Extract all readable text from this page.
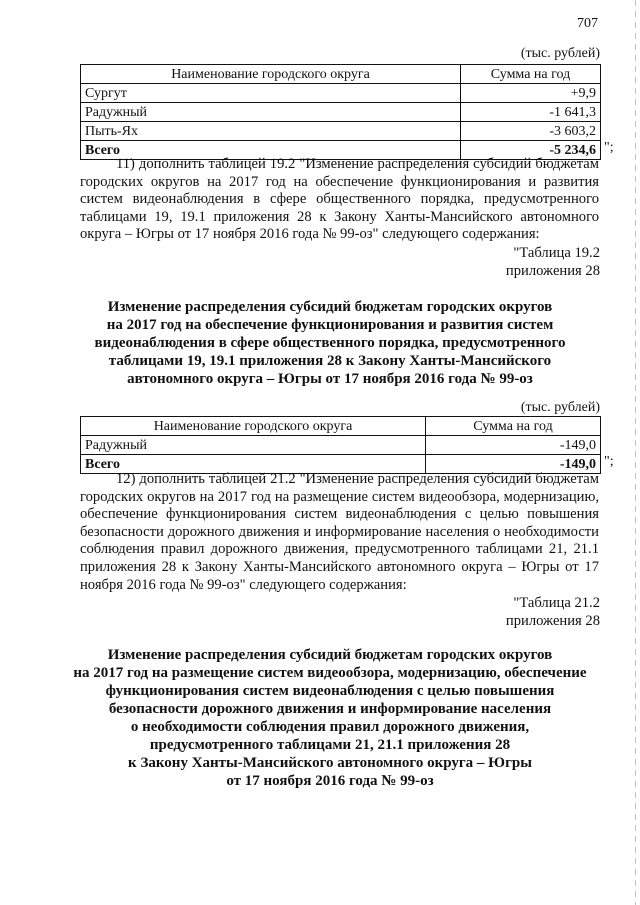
707
(тыс. рублей)
Наименование городского округа	Сумма на год
Сургут	+9,9
Радужный	-1 641,3
Пыть-Ях	-3 603,2
Всего	-5 234,6 ";

11) дополнить таблицей 19.2 "Изменение распределения субсидий бюджетам городских округов на 2017 год на обеспечение функционирования и развития систем видеонаблюдения в сфере общественного порядка, предусмотренного таблицами 19, 19.1 приложения 28 к Закону Ханты-Мансийского автономного округа – Югры от 17 ноября 2016 года № 99-оз" следующего содержания:

"Таблица 19.2
приложения 28
Изменение распределения субсидий бюджетам городских округов
на 2017 год на обеспечение функционирования и развития систем
видеонаблюдения в сфере общественного порядка, предусмотренного
таблицами 19, 19.1 приложения 28 к Закону Ханты-Мансийского
автономного округа – Югры от 17 ноября 2016 года № 99-оз
(тыс. рублей)
Наименование городского округа	Сумма на год
Радужный	-149,0
Всего	-149,0 ";

12) дополнить таблицей 21.2 "Изменение распределения субсидий бюджетам городских округов на 2017 год на размещение систем видеообзора, модернизацию, обеспечение функционирования систем видеонаблюдения с целью повышения безопасности дорожного движения и информирование населения о необходимости соблюдения правил дорожного движения, предусмотренного таблицами 21, 21.1 приложения 28 к Закону Ханты-Мансийского автономного округа – Югры от 17 ноября 2016 года № 99-оз" следующего содержания:

"Таблица 21.2
приложения 28
Изменение распределения субсидий бюджетам городских округов
на 2017 год на размещение систем видеообзора, модернизацию, обеспечение
функционирования систем видеонаблюдения с целью повышения
безопасности дорожного движения и информирование населения
о необходимости соблюдения правил дорожного движения,
предусмотренного таблицами 21, 21.1 приложения 28
к Закону Ханты-Мансийского автономного округа – Югры
от 17 ноября 2016 года № 99-оз
